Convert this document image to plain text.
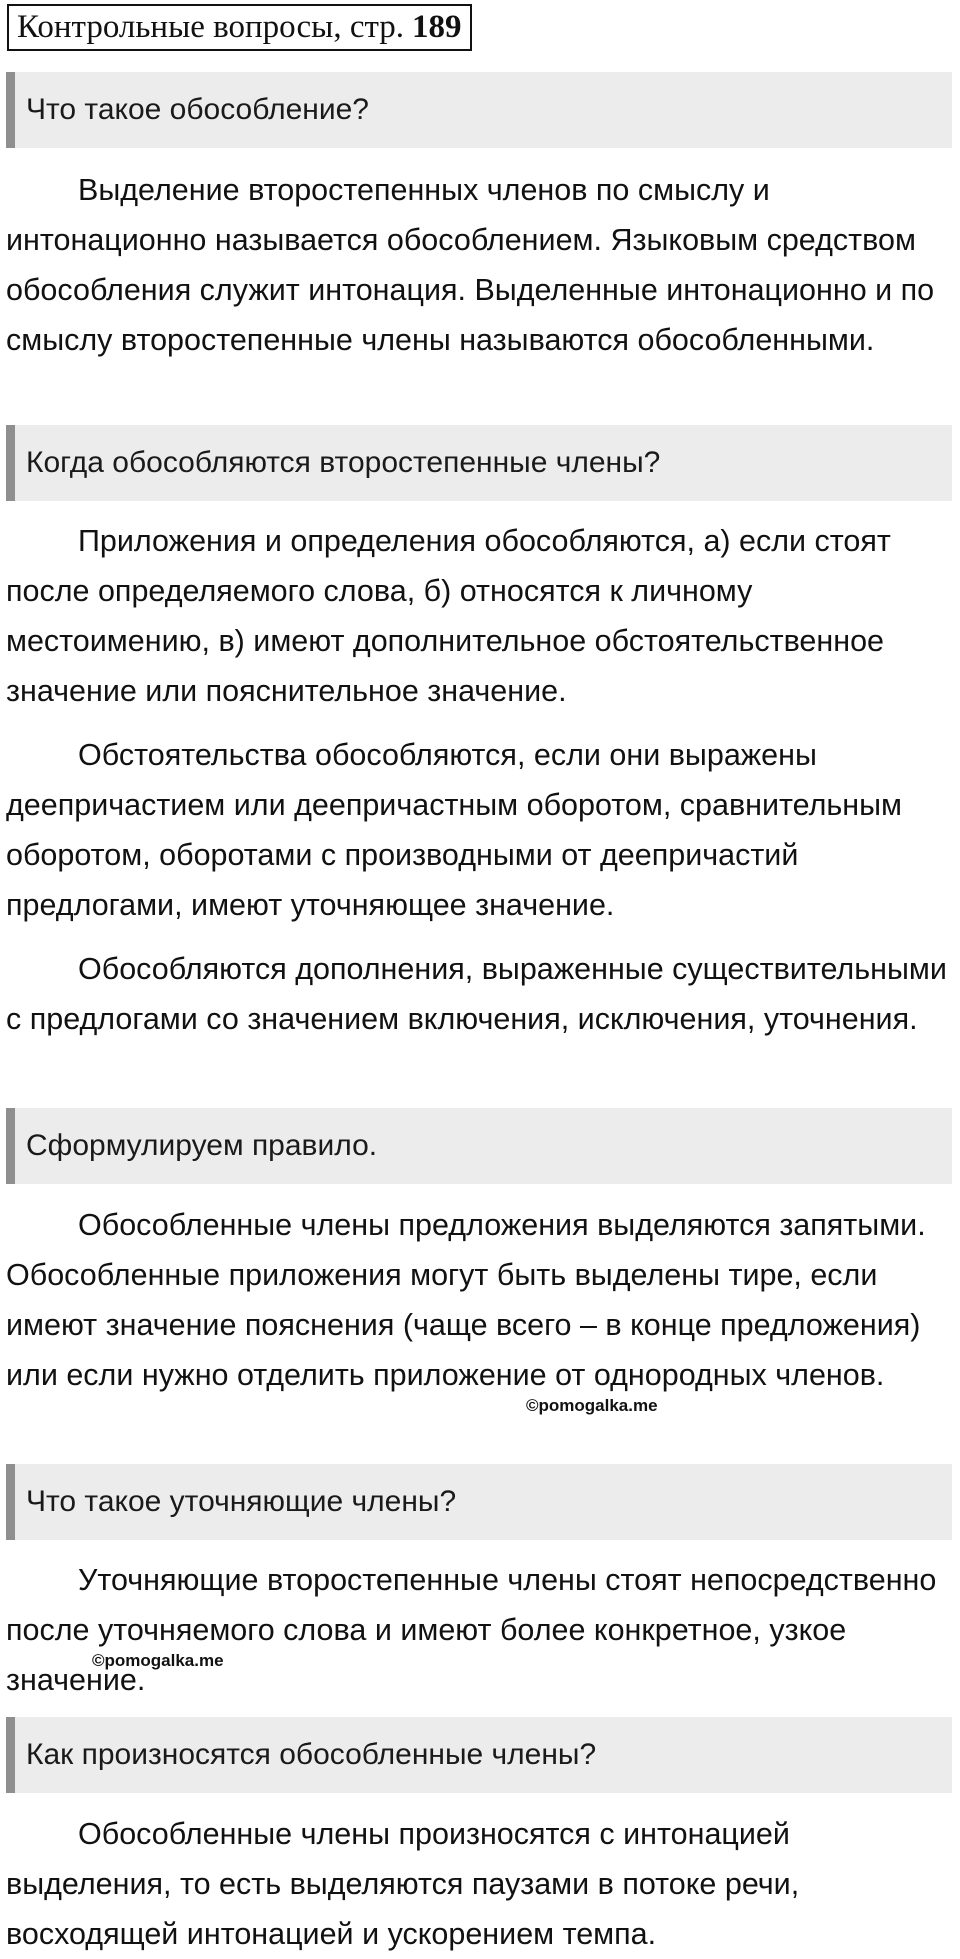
Контрольные вопросы, стр. 189
Что такое обособление?

Выделение второстепенных членов по смыслу и интонационно называется обособлением. Языковым средством обособления служит интонация. Выделенные интонационно и по смыслу второстепенные члены называются обособленными.

Когда обособляются второстепенные члены?

Приложения и определения обособляются, а) если стоят после определяемого слова, б) относятся к личному местоимению, в) имеют дополнительное обстоятельственное значение или пояснительное значение.

Обстоятельства обособляются, если они выражены деепричастием или деепричастным оборотом, сравнительным оборотом, оборотами с производными от деепричастий предлогами, имеют уточняющее значение.

Обособляются дополнения, выраженные существительными с предлогами со значением включения, исключения, уточнения.

Сформулируем правило.

Обособленные члены предложения выделяются запятыми. Обособленные приложения могут быть выделены тире, если имеют значение пояснения (чаще всего – в конце предложения) или если нужно отделить приложение от однородных членов.

Что такое уточняющие члены?

Уточняющие второстепенные члены стоят непосредственно после уточняемого слова и имеют более конкретное, узкое значение.

Как произносятся обособленные члены?

Обособленные члены произносятся с интонацией выделения, то есть выделяются паузами в потоке речи, восходящей интонацией и ускорением темпа.

©pomogalka.me
©pomogalka.me
